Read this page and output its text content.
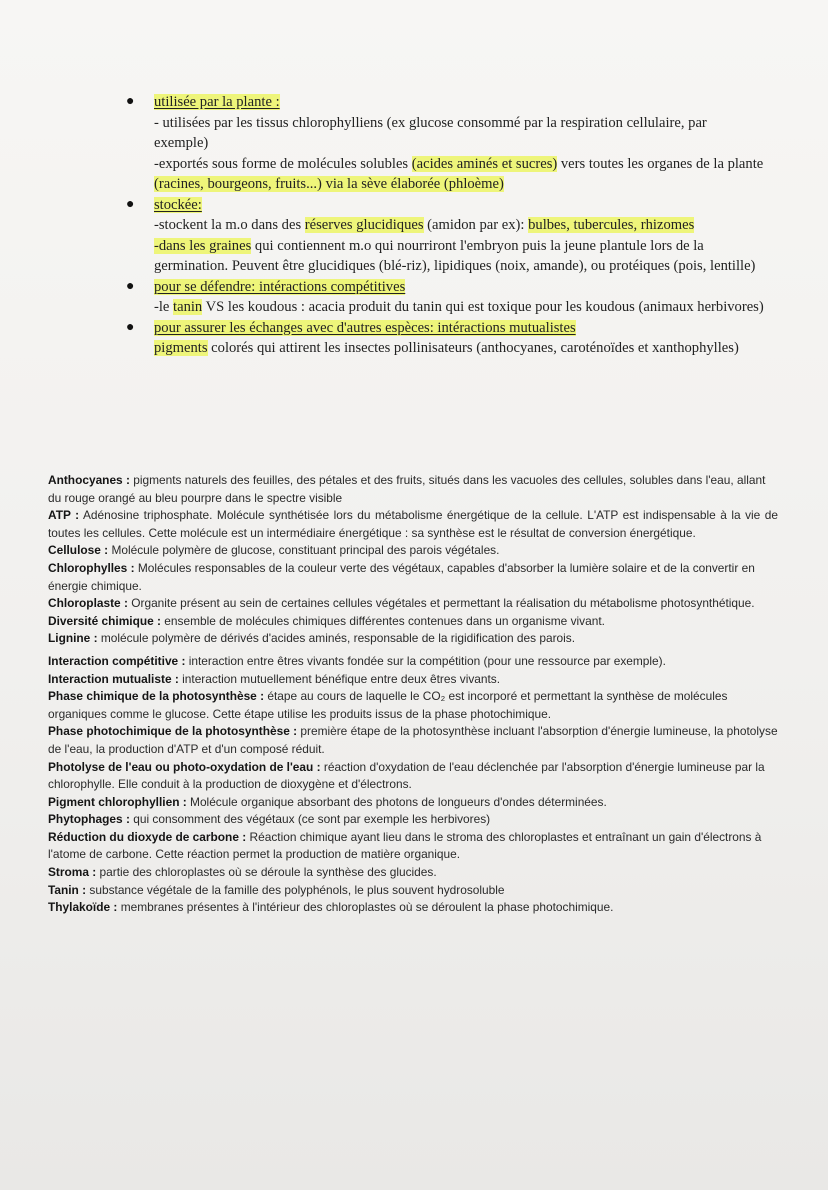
● utilisée par la plante :
- utilisées par les tissus chlorophylliens (ex glucose consommé par la respiration cellulaire, par exemple)
-exportés sous forme de molécules solubles (acides aminés et sucres) vers toutes les organes de la plante (racines, bourgeons, fruits...) via la sève élaborée (phloème)
● stockée:
-stockent la m.o dans des réserves glucidiques (amidon par ex): bulbes, tubercules, rhizomes
-dans les graines qui contiennent m.o qui nourriront l'embryon puis la jeune plantule lors de la germination. Peuvent être glucidiques (blé-riz), lipidiques (noix, amande), ou protéiques (pois, lentille)
● pour se défendre: intéractions compétitives
-le tanin VS les koudous : acacia produit du tanin qui est toxique pour les koudous (animaux herbivores)
● pour assurer les échanges avec d'autres espèces: intéractions mutualistes
pigments colorés qui attirent les insectes pollinisateurs (anthocyanes, caroténoïdes et xanthophylles)

Anthocyanes : pigments naturels des feuilles, des pétales et des fruits, situés dans les vacuoles des cellules, solubles dans l'eau, allant du rouge orangé au bleu pourpre dans le spectre visible

ATP : Adénosine triphosphate. Molécule synthétisée lors du métabolisme énergétique de la cellule. L'ATP est indispensable à la vie de toutes les cellules. Cette molécule est un intermédiaire énergétique : sa synthèse est le résultat de conversion énergétique.

Cellulose : Molécule polymère de glucose, constituant principal des parois végétales.

Chlorophylles : Molécules responsables de la couleur verte des végétaux, capables d'absorber la lumière solaire et de la convertir en énergie chimique.

Chloroplaste : Organite présent au sein de certaines cellules végétales et permettant la réalisation du métabolisme photosynthétique.

Diversité chimique : ensemble de molécules chimiques différentes contenues dans un organisme vivant.

Lignine : molécule polymère de dérivés d'acides aminés, responsable de la rigidification des parois.

Interaction compétitive : interaction entre êtres vivants fondée sur la compétition (pour une ressource par exemple).

Interaction mutualiste : interaction mutuellement bénéfique entre deux êtres vivants.

Phase chimique de la photosynthèse : étape au cours de laquelle le CO₂ est incorporé et permettant la synthèse de molécules organiques comme le glucose. Cette étape utilise les produits issus de la phase photochimique.

Phase photochimique de la photosynthèse : première étape de la photosynthèse incluant l'absorption d'énergie lumineuse, la photolyse de l'eau, la production d'ATP et d'un composé réduit.

Photolyse de l'eau ou photo-oxydation de l'eau : réaction d'oxydation de l'eau déclenchée par l'absorption d'énergie lumineuse par la chlorophylle. Elle conduit à la production de dioxygène et d'électrons.

Pigment chlorophyllien : Molécule organique absorbant des photons de longueurs d'ondes déterminées.

Phytophages : qui consomment des végétaux (ce sont par exemple les herbivores)

Réduction du dioxyde de carbone : Réaction chimique ayant lieu dans le stroma des chloroplastes et entraînant un gain d'électrons à l'atome de carbone. Cette réaction permet la production de matière organique.

Stroma : partie des chloroplastes où se déroule la synthèse des glucides.

Tanin : substance végétale de la famille des polyphénols, le plus souvent hydrosoluble

Thylakoïde : membranes présentes à l'intérieur des chloroplastes où se déroulent la phase photochimique.
